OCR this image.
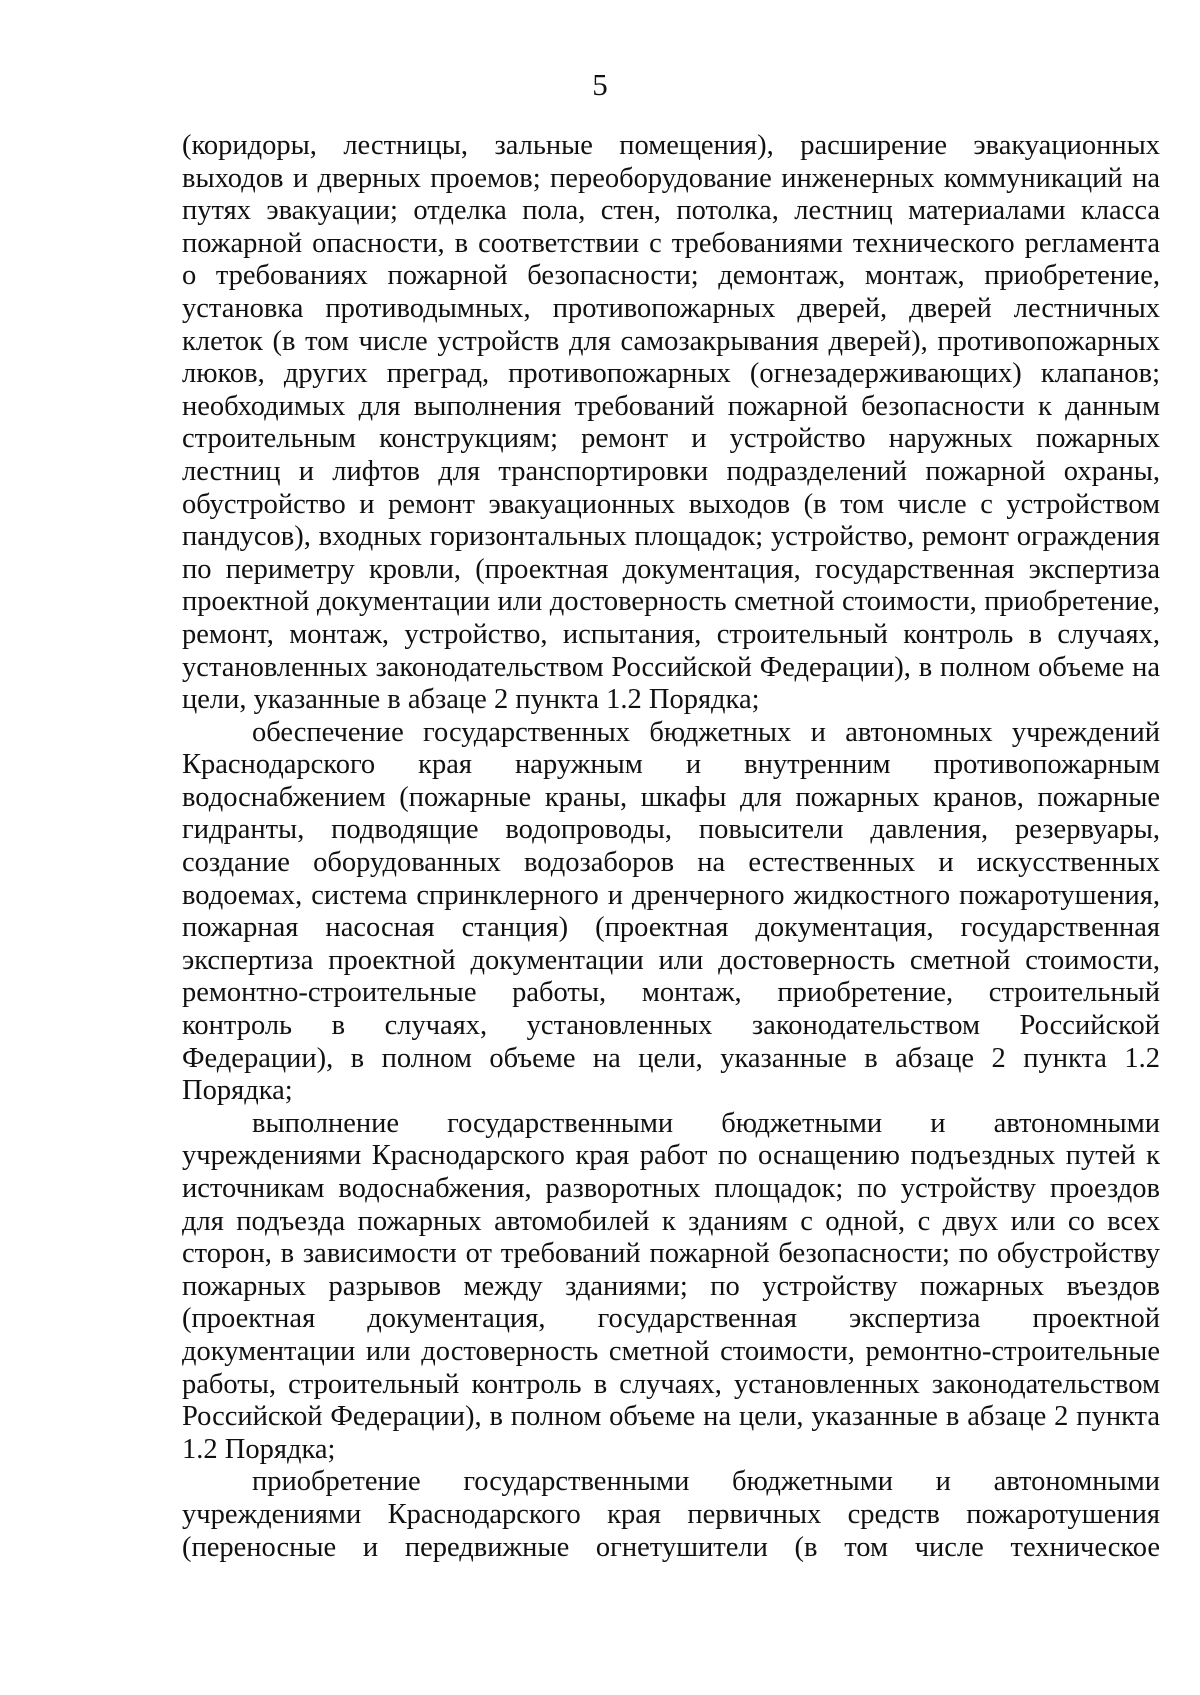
5
(коридоры, лестницы, зальные помещения), расширение эвакуационных
выходов и дверных проемов; переоборудование инженерных коммуникаций на
путях эвакуации; отделка пола, стен, потолка, лестниц материалами класса
пожарной опасности, в соответствии с требованиями технического регламента
о требованиях пожарной безопасности; демонтаж, монтаж, приобретение,
установка противодымных, противопожарных дверей, дверей лестничных
клеток (в том числе устройств для самозакрывания дверей), противопожарных
люков, других преград, противопожарных (огнезадерживающих) клапанов;
необходимых для выполнения требований пожарной безопасности к данным
строительным конструкциям; ремонт и устройство наружных пожарных
лестниц и лифтов для транспортировки подразделений пожарной охраны,
обустройство и ремонт эвакуационных выходов (в том числе с устройством
пандусов), входных горизонтальных площадок; устройство, ремонт ограждения
по периметру кровли, (проектная документация, государственная экспертиза
проектной документации или достоверность сметной стоимости, приобретение,
ремонт, монтаж, устройство, испытания, строительный контроль в случаях,
установленных законодательством Российской Федерации), в полном объеме на
цели, указанные в абзаце 2 пункта 1.2 Порядка;
обеспечение государственных бюджетных и автономных учреждений
Краснодарского края наружным и внутренним противопожарным
водоснабжением (пожарные краны, шкафы для пожарных кранов, пожарные
гидранты, подводящие водопроводы, повысители давления, резервуары,
создание оборудованных водозаборов на естественных и искусственных
водоемах, система спринклерного и дренчерного жидкостного пожаротушения,
пожарная насосная станция) (проектная документация, государственная
экспертиза проектной документации или достоверность сметной стоимости,
ремонтно-строительные работы, монтаж, приобретение, строительный
контроль в случаях, установленных законодательством Российской
Федерации), в полном объеме на цели, указанные в абзаце 2 пункта 1.2
Порядка;
выполнение государственными бюджетными и автономными
учреждениями Краснодарского края работ по оснащению подъездных путей к
источникам водоснабжения, разворотных площадок; по устройству проездов
для подъезда пожарных автомобилей к зданиям с одной, с двух или со всех
сторон, в зависимости от требований пожарной безопасности; по обустройству
пожарных разрывов между зданиями; по устройству пожарных въездов
(проектная документация, государственная экспертиза проектной
документации или достоверность сметной стоимости, ремонтно-строительные
работы, строительный контроль в случаях, установленных законодательством
Российской Федерации), в полном объеме на цели, указанные в абзаце 2 пункта
1.2 Порядка;
приобретение государственными бюджетными и автономными
учреждениями Краснодарского края первичных средств пожаротушения
(переносные и передвижные огнетушители (в том числе техническое
